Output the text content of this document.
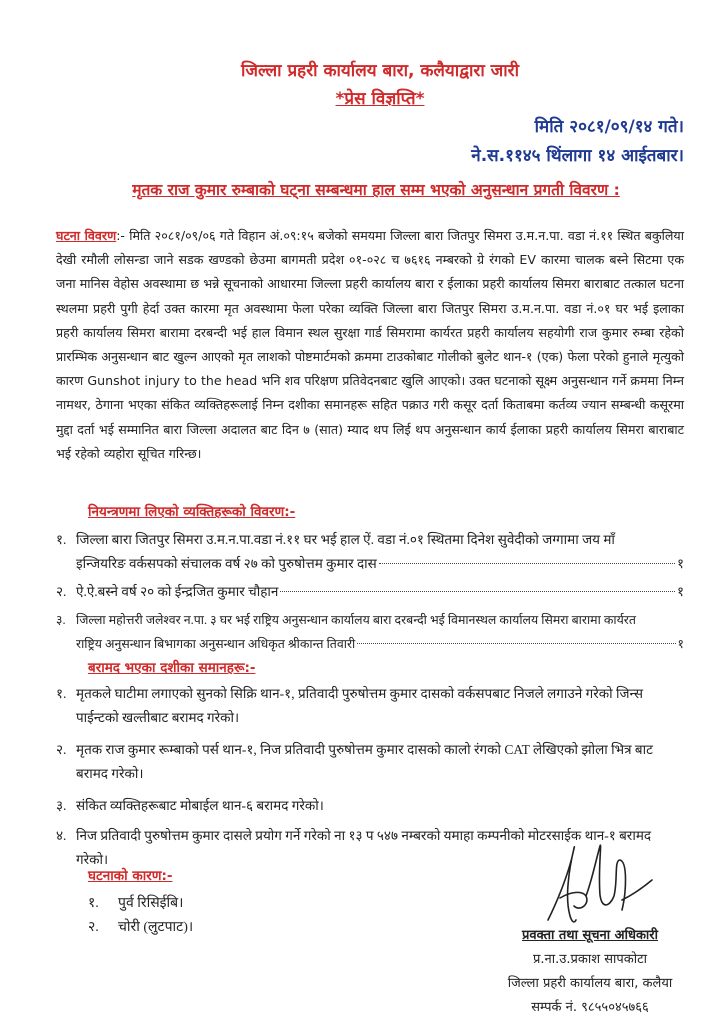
जिल्ला प्रहरी कार्यालय बारा, कलैयाद्वारा जारी
*प्रेस विज्ञप्ति*
मिति २०८१/०९/१४ गते।
ने.स.११४५ थिंलागा १४ आईतबार।
मृतक राज कुमार रुम्बाको घट्ना सम्बन्धमा हाल सम्म भएको अनुसन्धान प्रगती विवरण :
घटना विवरण:- मिति २०८१/०९/०६ गते विहान अं.०९:१५ बजेको समयमा जिल्ला बारा जितपुर सिमरा उ.म.न.पा. वडा नं.११ स्थित बकुलिया देखी रमौली लोसन्डा जाने सडक खण्डको छेउमा बागमती प्रदेश ०१-०२८ च ७६१६ नम्बरको ग्रे रंगको EV कारमा चालक बस्ने सिटमा एक जना मानिस वेहोस अवस्थामा छ भन्ने सूचनाको आधारमा जिल्ला प्रहरी कार्यालय बारा र ईलाका प्रहरी कार्यालय सिमरा बाराबाट तत्काल घटना स्थलमा प्रहरी पुगी हेर्दा उक्त कारमा मृत अवस्थामा फेला परेका व्यक्ति जिल्ला बारा जितपुर सिमरा उ.म.न.पा. वडा नं.०१ घर भई इलाका प्रहरी कार्यालय सिमरा बारामा दरबन्दी भई हाल विमान स्थल सुरक्षा गार्ड सिमरामा कार्यरत प्रहरी कार्यालय सहयोगी राज कुमार रुम्बा रहेको प्रारम्भिक अनुसन्धान बाट खुल्न आएको मृत लाशको पोष्टमार्टमको क्रममा टाउकोबाट गोलीको बुलेट थान-१ (एक) फेला परेको हुनाले मृत्युको कारण Gunshot injury to the head भनि शव परिक्षण प्रतिवेदनबाट खुलि आएको। उक्त घटनाको सूक्ष्म अनुसन्धान गर्ने क्रममा निम्न नामथर, ठेगाना भएका संकित व्यक्तिहरूलाई निम्न दशीका समानहरू सहित पक्राउ गरी कसूर दर्ता किताबमा कर्तव्य ज्यान सम्बन्धी कसूरमा मुद्दा दर्ता भई सम्मानित बारा जिल्ला अदालत बाट दिन ७ (सात) म्याद थप लिई थप अनुसन्धान कार्य ईलाका प्रहरी कार्यालय सिमरा बाराबाट भई रहेको व्यहोरा सूचित गरिन्छ।
नियन्त्रणमा लिएको व्यक्तिहरूको विवरण:-
१. जिल्ला बारा जितपुर सिमरा उ.म.न.पा.वडा नं.११ घर भई हाल ऐं. वडा नं.०१ स्थितमा दिनेश सुवेदीको जग्गामा जय माँ
इन्जियरिङ वर्कसपको संचालक वर्ष २७ को पुरुषोत्तम कुमार दास	१
२. ऐ.ऐ.बस्ने वर्ष २० को ईन्द्रजित कुमार चौहान	१
३. जिल्ला महोत्तरी जलेश्वर न.पा. ३ घर भई राष्ट्रिय अनुसन्धान कार्यालय बारा दरबन्दी भई विमानस्थल कार्यालय सिमरा बारामा कार्यरत
राष्ट्रिय अनुसन्धान बिभागका अनुसन्धान अधिकृत श्रीकान्त तिवारी	१
बरामद भएका दशीका समानहरू:-
१. मृतकले घाटीमा लगाएको सुनको सिक्रि थान-१, प्रतिवादी पुरुषोत्तम कुमार दासको वर्कसपबाट निजले लगाउने गरेको जिन्स पाईन्टको खल्तीबाट बरामद गरेको।
२. मृतक राज कुमार रूम्बाको पर्स थान-१, निज प्रतिवादी पुरुषोत्तम कुमार दासको कालो रंगको CAT लेखिएको झोला भित्र बाट बरामद गरेको।
३. संकित व्यक्तिहरूबाट मोबाईल थान-६ बरामद गरेको।
४. निज प्रतिवादी पुरुषोत्तम कुमार दासले प्रयोग गर्ने गरेको ना १३ प ५४७ नम्बरको यमाहा कम्पनीको मोटरसाईक थान-१ बरामद गरेको।
घटनाको कारण:-
१. पुर्व रिसिईबि।
२. चोरी (लुटपाट)।
प्रवक्ता तथा सूचना अधिकारी
प्र.ना.उ.प्रकाश सापकोटा
जिल्ला प्रहरी कार्यालय बारा, कलैया
सम्पर्क नं. ९८५५०४५७६६
